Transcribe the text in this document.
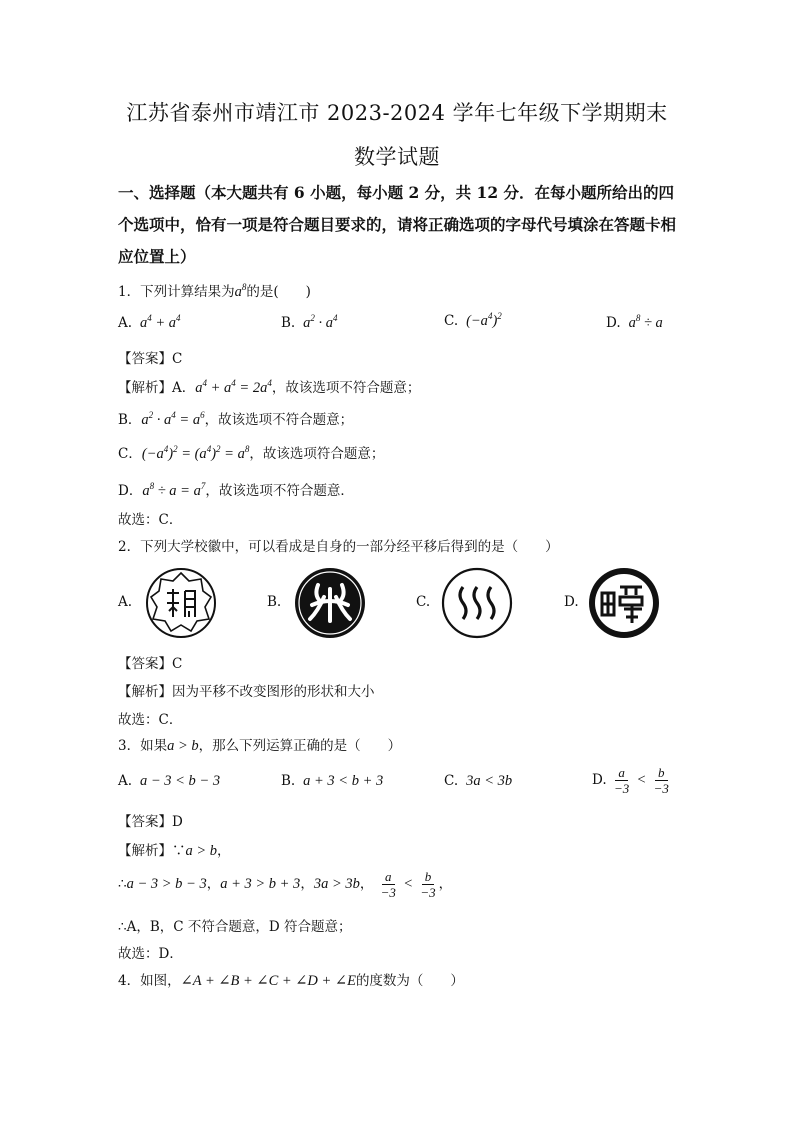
江苏省泰州市靖江市 2023-2024 学年七年级下学期期末
数学试题
一、选择题（本大题共有 6 小题，每小题 2 分，共 12 分．在每小题所给出的四个选项中，恰有一项是符合题目要求的，请将正确选项的字母代号填涂在答题卡相应位置上）
1．下列计算结果为$a^8$的是(　　)
A.  $a^4 + a^4$	B.  $a^2 \cdot a^4$	C.  $(-a^4)^2$	D.  $a^8 \div a$
【答案】C
【解析】A．$a^4 + a^4 = 2a^4$，故该选项不符合题意；
B．$a^2 \cdot a^4 = a^6$，故该选项不符合题意；
C．$(-a^4)^2 = (a^4)^2 = a^8$，故该选项符合题意；
D．$a^8 \div a = a^7$，故该选项不符合题意．
故选：C．
2．下列大学校徽中，可以看成是自身的一部分经平移后得到的是（　　）
A.	B.	C.	D.
【答案】C
【解析】因为平移不改变图形的形状和大小
故选：C．
3．如果a > b，那么下列运算正确的是（　　）
A.  a − 3 < b − 3	B.  a + 3 < b + 3	C.  3a < 3b	D. $\frac{a}{-3} < \frac{b}{-3}$
【答案】D
【解析】∵a > b，
∴a − 3 > b − 3，a + 3 > b + 3，3a > 3b， $\frac{a}{-3} < \frac{b}{-3}$ ，
∴A，B，C 不符合题意，D 符合题意；
故选：D．
4．如图，∠A + ∠B + ∠C + ∠D + ∠E的度数为（　　）
